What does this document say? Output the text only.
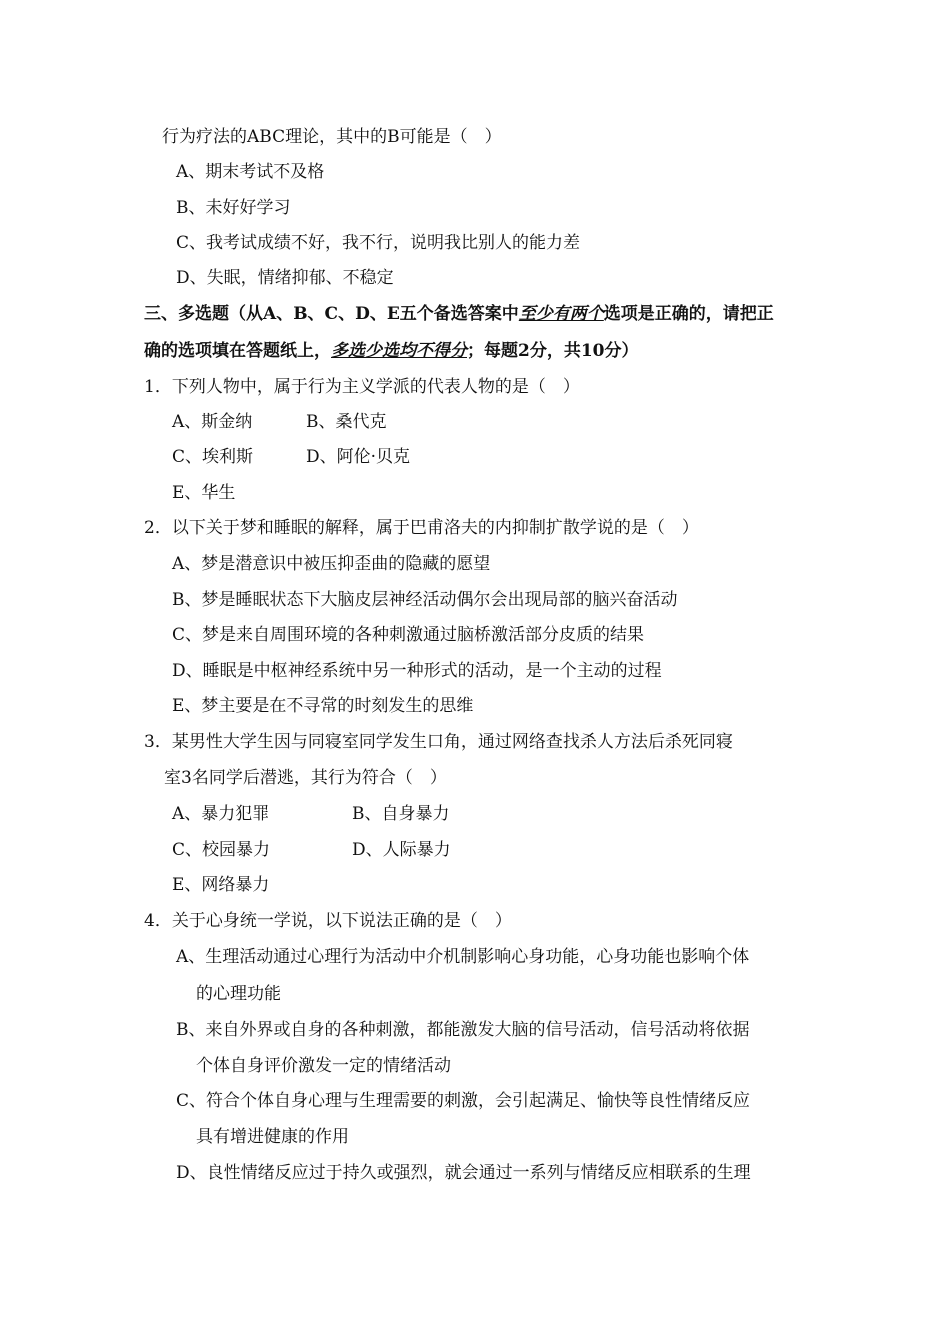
行为疗法的ABC理论，其中的B可能是（　）
A、期末考试不及格
B、未好好学习
C、我考试成绩不好，我不行，说明我比别人的能力差
D、失眠，情绪抑郁、不稳定
三、多选题（从A、B、C、D、E五个备选答案中至少有两个选项是正确的，请把正
确的选项填在答题纸上，多选少选均不得分；每题2分，共10分）
1．下列人物中，属于行为主义学派的代表人物的是（　）
A、斯金纳	B、桑代克
C、埃利斯	D、阿伦·贝克
E、华生
2．以下关于梦和睡眠的解释，属于巴甫洛夫的内抑制扩散学说的是（　）
A、梦是潜意识中被压抑歪曲的隐藏的愿望
B、梦是睡眠状态下大脑皮层神经活动偶尔会出现局部的脑兴奋活动
C、梦是来自周围环境的各种刺激通过脑桥激活部分皮质的结果
D、睡眠是中枢神经系统中另一种形式的活动，是一个主动的过程
E、梦主要是在不寻常的时刻发生的思维
3．某男性大学生因与同寝室同学发生口角，通过网络查找杀人方法后杀死同寝
室3名同学后潜逃，其行为符合（　）
A、暴力犯罪	B、自身暴力
C、校园暴力	D、人际暴力
E、网络暴力
4．关于心身统一学说，以下说法正确的是（　）
A、生理活动通过心理行为活动中介机制影响心身功能，心身功能也影响个体
的心理功能
B、来自外界或自身的各种刺激，都能激发大脑的信号活动，信号活动将依据
个体自身评价激发一定的情绪活动
C、符合个体自身心理与生理需要的刺激，会引起满足、愉快等良性情绪反应
具有增进健康的作用
D、良性情绪反应过于持久或强烈，就会通过一系列与情绪反应相联系的生理
